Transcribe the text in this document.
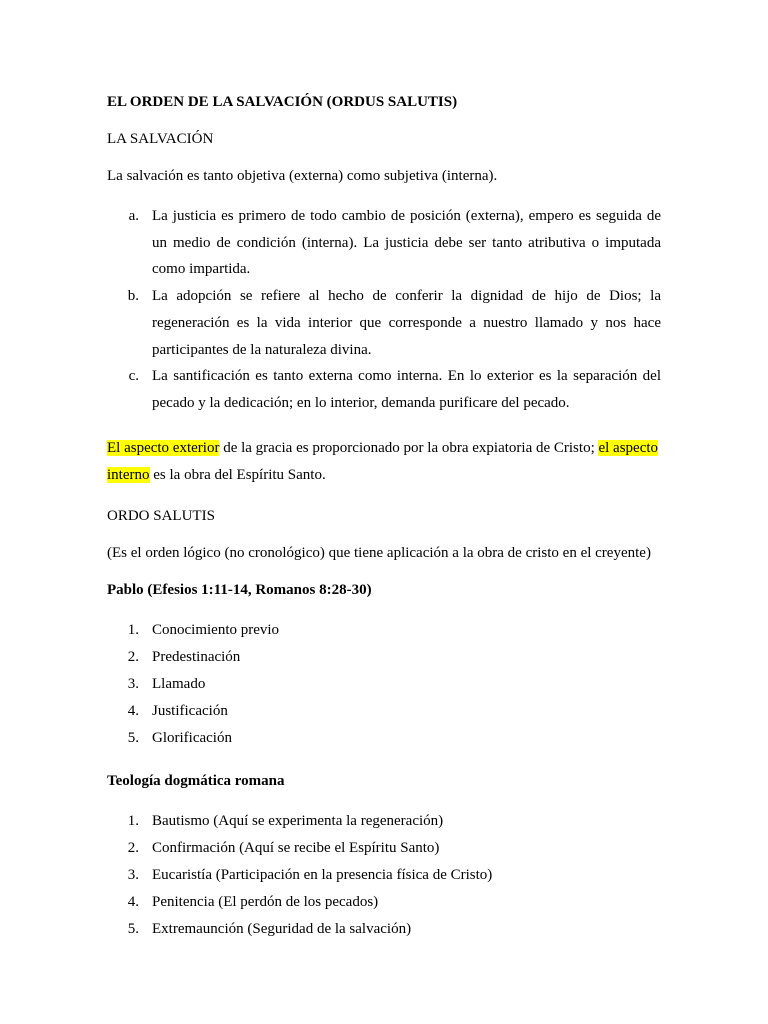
EL ORDEN DE LA SALVACIÓN (ORDUS SALUTIS)

LA SALVACIÓN

La salvación es tanto objetiva (externa) como subjetiva (interna).

a. La justicia es primero de todo cambio de posición (externa), empero es seguida de un medio de condición (interna). La justicia debe ser tanto atributiva o imputada como impartida.
b. La adopción se refiere al hecho de conferir la dignidad de hijo de Dios; la regeneración es la vida interior que corresponde a nuestro llamado y nos hace participantes de la naturaleza divina.
c. La santificación es tanto externa como interna. En lo exterior es la separación del pecado y la dedicación; en lo interior, demanda purificare del pecado.

El aspecto exterior de la gracia es proporcionado por la obra expiatoria de Cristo; el aspecto interno es la obra del Espíritu Santo.

ORDO SALUTIS

(Es el orden lógico (no cronológico) que tiene aplicación a la obra de cristo en el creyente)

Pablo (Efesios 1:11-14, Romanos 8:28-30)

1. Conocimiento previo
2. Predestinación
3. Llamado
4. Justificación
5. Glorificación

Teología dogmática romana

1. Bautismo (Aquí se experimenta la regeneración)
2. Confirmación (Aquí se recibe el Espíritu Santo)
3. Eucaristía (Participación en la presencia física de Cristo)
4. Penitencia (El perdón de los pecados)
5. Extremaunción (Seguridad de la salvación)
